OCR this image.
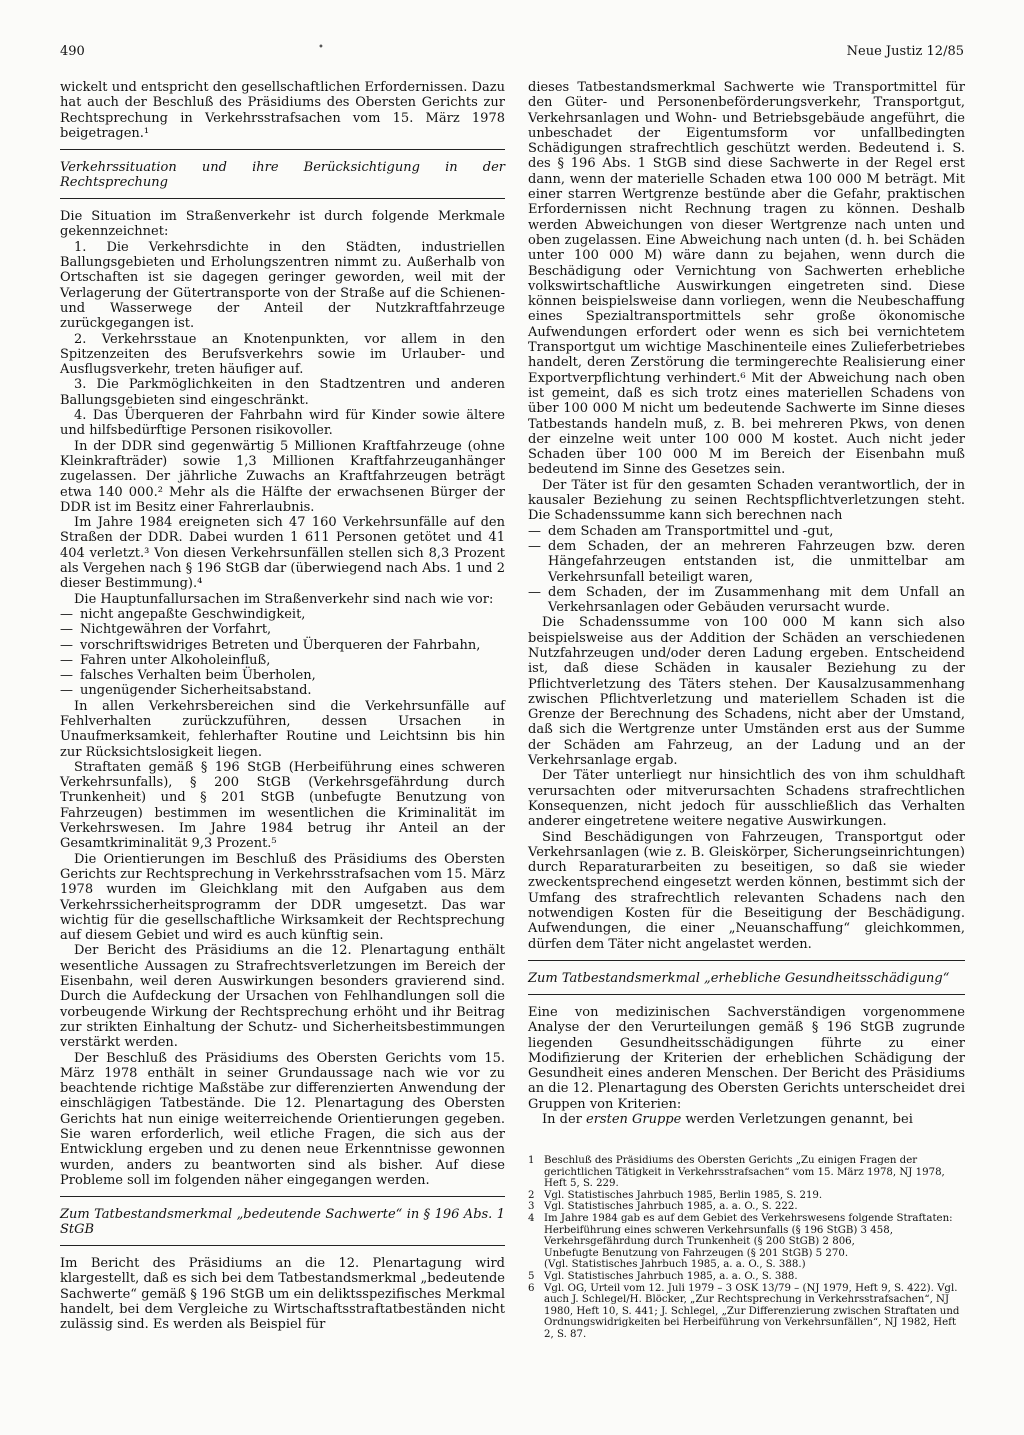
490	•	Neue Justiz 12/85

wickelt und entspricht den gesellschaftlichen Erfordernissen. Dazu hat auch der Beschluß des Präsidiums des Obersten Gerichts zur Rechtsprechung in Verkehrsstrafsachen vom 15. März 1978 beigetragen.¹

Verkehrssituation und ihre Berücksichtigung in der Rechtsprechung

Die Situation im Straßenverkehr ist durch folgende Merkmale gekennzeichnet:

1. Die Verkehrsdichte in den Städten, industriellen Ballungsgebieten und Erholungszentren nimmt zu. Außerhalb von Ortschaften ist sie dagegen geringer geworden, weil mit der Verlagerung der Gütertransporte von der Straße auf die Schienen- und Wasserwege der Anteil der Nutzkraftfahrzeuge zurückgegangen ist.

2. Verkehrsstaue an Knotenpunkten, vor allem in den Spitzenzeiten des Berufsverkehrs sowie im Urlauber- und Ausflugsverkehr, treten häufiger auf.

3. Die Parkmöglichkeiten in den Stadtzentren und anderen Ballungsgebieten sind eingeschränkt.

4. Das Überqueren der Fahrbahn wird für Kinder sowie ältere und hilfsbedürftige Personen risikovoller.

In der DDR sind gegenwärtig 5 Millionen Kraftfahrzeuge (ohne Kleinkrafträder) sowie 1,3 Millionen Kraftfahrzeuganhänger zugelassen. Der jährliche Zuwachs an Kraftfahrzeugen beträgt etwa 140 000.² Mehr als die Hälfte der erwachsenen Bürger der DDR ist im Besitz einer Fahrerlaubnis.

Im Jahre 1984 ereigneten sich 47 160 Verkehrsunfälle auf den Straßen der DDR. Dabei wurden 1 611 Personen getötet und 41 404 verletzt.³ Von diesen Verkehrsunfällen stellen sich 8,3 Prozent als Vergehen nach § 196 StGB dar (überwiegend nach Abs. 1 und 2 dieser Bestimmung).⁴

Die Hauptunfallursachen im Straßenverkehr sind nach wie vor:

— nicht angepaßte Geschwindigkeit,
— Nichtgewähren der Vorfahrt,
— vorschriftswidriges Betreten und Überqueren der Fahrbahn,
— Fahren unter Alkoholeinfluß,
— falsches Verhalten beim Überholen,
— ungenügender Sicherheitsabstand.

In allen Verkehrsbereichen sind die Verkehrsunfälle auf Fehlverhalten zurückzuführen, dessen Ursachen in Unaufmerksamkeit, fehlerhafter Routine und Leichtsinn bis hin zur Rücksichtslosigkeit liegen.

Straftaten gemäß § 196 StGB (Herbeiführung eines schweren Verkehrsunfalls), § 200 StGB (Verkehrsgefährdung durch Trunkenheit) und § 201 StGB (unbefugte Benutzung von Fahrzeugen) bestimmen im wesentlichen die Kriminalität im Verkehrswesen. Im Jahre 1984 betrug ihr Anteil an der Gesamtkriminalität 9,3 Prozent.⁵

Die Orientierungen im Beschluß des Präsidiums des Obersten Gerichts zur Rechtsprechung in Verkehrsstrafsachen vom 15. März 1978 wurden im Gleichklang mit den Aufgaben aus dem Verkehrssicherheitsprogramm der DDR umgesetzt. Das war wichtig für die gesellschaftliche Wirksamkeit der Rechtsprechung auf diesem Gebiet und wird es auch künftig sein.

Der Bericht des Präsidiums an die 12. Plenartagung enthält wesentliche Aussagen zu Strafrechtsverletzungen im Bereich der Eisenbahn, weil deren Auswirkungen besonders gravierend sind. Durch die Aufdeckung der Ursachen von Fehlhandlungen soll die vorbeugende Wirkung der Rechtsprechung erhöht und ihr Beitrag zur strikten Einhaltung der Schutz- und Sicherheitsbestimmungen verstärkt werden.

Der Beschluß des Präsidiums des Obersten Gerichts vom 15. März 1978 enthält in seiner Grundaussage nach wie vor zu beachtende richtige Maßstäbe zur differenzierten Anwendung der einschlägigen Tatbestände. Die 12. Plenartagung des Obersten Gerichts hat nun einige weiterreichende Orientierungen gegeben. Sie waren erforderlich, weil etliche Fragen, die sich aus der Entwicklung ergeben und zu denen neue Erkenntnisse gewonnen wurden, anders zu beantworten sind als bisher. Auf diese Probleme soll im folgenden näher eingegangen werden.

Zum Tatbestandsmerkmal „bedeutende Sachwerte“ in § 196 Abs. 1 StGB

Im Bericht des Präsidiums an die 12. Plenartagung wird klargestellt, daß es sich bei dem Tatbestandsmerkmal „bedeutende Sachwerte“ gemäß § 196 StGB um ein deliktsspezifisches Merkmal handelt, bei dem Vergleiche zu Wirtschaftsstraftatbeständen nicht zulässig sind. Es werden als Beispiel für

dieses Tatbestandsmerkmal Sachwerte wie Transportmittel für den Güter- und Personenbeförderungsverkehr, Transportgut, Verkehrsanlagen und Wohn- und Betriebsgebäude angeführt, die unbeschadet der Eigentumsform vor unfallbedingten Schädigungen strafrechtlich geschützt werden. Bedeutend i. S. des § 196 Abs. 1 StGB sind diese Sachwerte in der Regel erst dann, wenn der materielle Schaden etwa 100 000 M beträgt. Mit einer starren Wertgrenze bestünde aber die Gefahr, praktischen Erfordernissen nicht Rechnung tragen zu können. Deshalb werden Abweichungen von dieser Wertgrenze nach unten und oben zugelassen. Eine Abweichung nach unten (d. h. bei Schäden unter 100 000 M) wäre dann zu bejahen, wenn durch die Beschädigung oder Vernichtung von Sachwerten erhebliche volkswirtschaftliche Auswirkungen eingetreten sind. Diese können beispielsweise dann vorliegen, wenn die Neubeschaffung eines Spezialtransportmittels sehr große ökonomische Aufwendungen erfordert oder wenn es sich bei vernichtetem Transportgut um wichtige Maschinenteile eines Zulieferbetriebes handelt, deren Zerstörung die termingerechte Realisierung einer Exportverpflichtung verhindert.⁶ Mit der Abweichung nach oben ist gemeint, daß es sich trotz eines materiellen Schadens von über 100 000 M nicht um bedeutende Sachwerte im Sinne dieses Tatbestands handeln muß, z. B. bei mehreren Pkws, von denen der einzelne weit unter 100 000 M kostet. Auch nicht jeder Schaden über 100 000 M im Bereich der Eisenbahn muß bedeutend im Sinne des Gesetzes sein.

Der Täter ist für den gesamten Schaden verantwortlich, der in kausaler Beziehung zu seinen Rechtspflichtverletzungen steht. Die Schadenssumme kann sich berechnen nach

— dem Schaden am Transportmittel und -gut,
— dem Schaden, der an mehreren Fahrzeugen bzw. deren Hängefahrzeugen entstanden ist, die unmittelbar am Verkehrsunfall beteiligt waren,
— dem Schaden, der im Zusammenhang mit dem Unfall an Verkehrsanlagen oder Gebäuden verursacht wurde.

Die Schadenssumme von 100 000 M kann sich also beispielsweise aus der Addition der Schäden an verschiedenen Nutzfahrzeugen und/oder deren Ladung ergeben. Entscheidend ist, daß diese Schäden in kausaler Beziehung zu der Pflichtverletzung des Täters stehen. Der Kausalzusammenhang zwischen Pflichtverletzung und materiellem Schaden ist die Grenze der Berechnung des Schadens, nicht aber der Umstand, daß sich die Wertgrenze unter Umständen erst aus der Summe der Schäden am Fahrzeug, an der Ladung und an der Verkehrsanlage ergab.

Der Täter unterliegt nur hinsichtlich des von ihm schuldhaft verursachten oder mitverursachten Schadens strafrechtlichen Konsequenzen, nicht jedoch für ausschließlich das Verhalten anderer eingetretene weitere negative Auswirkungen.

Sind Beschädigungen von Fahrzeugen, Transportgut oder Verkehrsanlagen (wie z. B. Gleiskörper, Sicherungseinrichtungen) durch Reparaturarbeiten zu beseitigen, so daß sie wieder zweckentsprechend eingesetzt werden können, bestimmt sich der Umfang des strafrechtlich relevanten Schadens nach den notwendigen Kosten für die Beseitigung der Beschädigung. Aufwendungen, die einer „Neuanschaffung“ gleichkommen, dürfen dem Täter nicht angelastet werden.

Zum Tatbestandsmerkmal „erhebliche Gesundheitsschädigung“

Eine von medizinischen Sachverständigen vorgenommene Analyse der den Verurteilungen gemäß § 196 StGB zugrunde liegenden Gesundheitsschädigungen führte zu einer Modifizierung der Kriterien der erheblichen Schädigung der Gesundheit eines anderen Menschen. Der Bericht des Präsidiums an die 12. Plenartagung des Obersten Gerichts unterscheidet drei Gruppen von Kriterien:

In der ersten Gruppe werden Verletzungen genannt, bei

1 Beschluß des Präsidiums des Obersten Gerichts „Zu einigen Fragen der gerichtlichen Tätigkeit in Verkehrsstrafsachen“ vom 15. März 1978, NJ 1978, Heft 5, S. 229.
2 Vgl. Statistisches Jahrbuch 1985, Berlin 1985, S. 219.
3 Vgl. Statistisches Jahrbuch 1985, a. a. O., S. 222.
4 Im Jahre 1984 gab es auf dem Gebiet des Verkehrswesens folgende Straftaten:
Herbeiführung eines schweren Verkehrsunfalls (§ 196 StGB) 3 458,
Verkehrsgefährdung durch Trunkenheit (§ 200 StGB) 2 806,
Unbefugte Benutzung von Fahrzeugen (§ 201 StGB) 5 270.
(Vgl. Statistisches Jahrbuch 1985, a. a. O., S. 388.)
5 Vgl. Statistisches Jahrbuch 1985, a. a. O., S. 388.
6 Vgl. OG, Urteil vom 12. Juli 1979 – 3 OSK 13/79 – (NJ 1979, Heft 9, S. 422). Vgl. auch J. Schlegel/H. Blöcker, „Zur Rechtsprechung in Verkehrsstrafsachen“, NJ 1980, Heft 10, S. 441; J. Schlegel, „Zur Differenzierung zwischen Straftaten und Ordnungswidrigkeiten bei Herbeiführung von Verkehrsunfällen“, NJ 1982, Heft 2, S. 87.
